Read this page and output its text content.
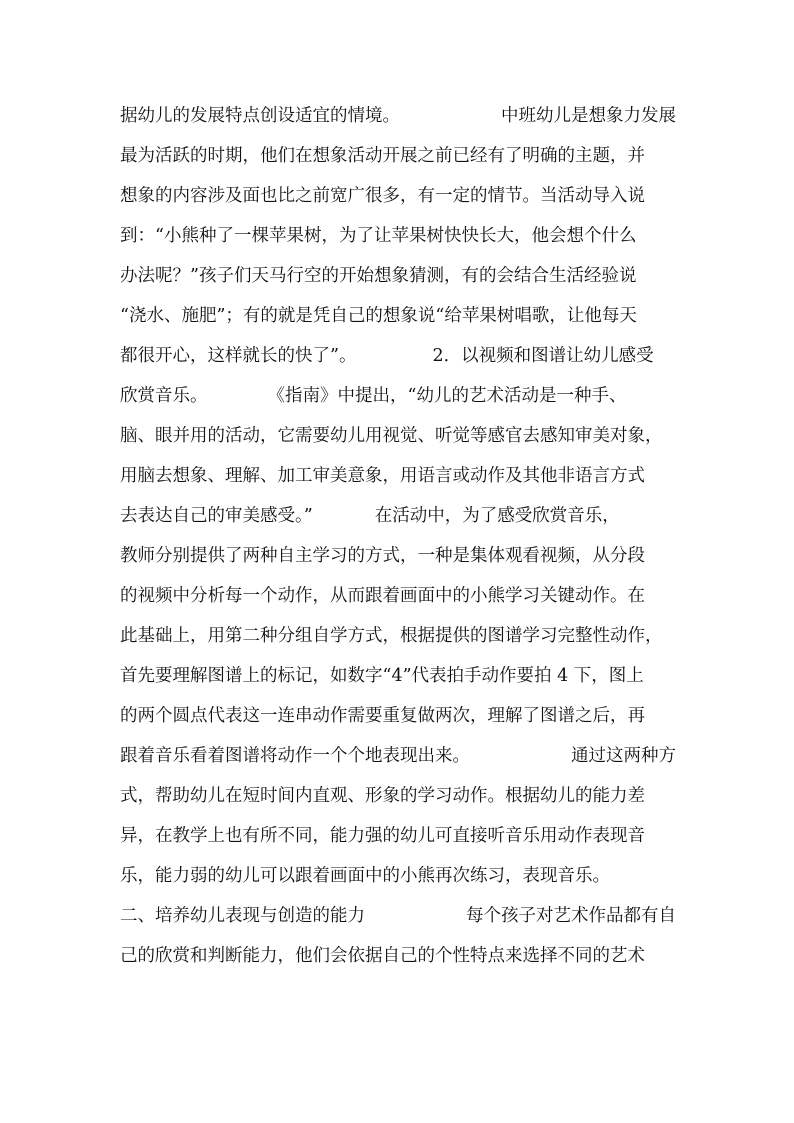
据幼儿的发展特点创设适宜的情境。	中班幼儿是想象力发展
最为活跃的时期，他们在想象活动开展之前已经有了明确的主题，并
想象的内容涉及面也比之前宽广很多，有一定的情节。当活动导入说
到：“小熊种了一棵苹果树，为了让苹果树快快长大，他会想个什么
办法呢？”孩子们天马行空的开始想象猜测，有的会结合生活经验说
“浇水、施肥”；有的就是凭自己的想象说“给苹果树唱歌，让他每天
都很开心，这样就长的快了”。	2．以视频和图谱让幼儿感受
欣赏音乐。	《指南》中提出，“幼儿的艺术活动是一种手、
脑、眼并用的活动，它需要幼儿用视觉、听觉等感官去感知审美对象，
用脑去想象、理解、加工审美意象，用语言或动作及其他非语言方式
去表达自己的审美感受。”	在活动中，为了感受欣赏音乐，
教师分别提供了两种自主学习的方式，一种是集体观看视频，从分段
的视频中分析每一个动作，从而跟着画面中的小熊学习关键动作。在
此基础上，用第二种分组自学方式，根据提供的图谱学习完整性动作，
首先要理解图谱上的标记，如数字“4”代表拍手动作要拍 4 下，图上
的两个圆点代表这一连串动作需要重复做两次，理解了图谱之后，再
跟着音乐看着图谱将动作一个个地表现出来。	通过这两种方
式，帮助幼儿在短时间内直观、形象的学习动作。根据幼儿的能力差
异，在教学上也有所不同，能力强的幼儿可直接听音乐用动作表现音
乐，能力弱的幼儿可以跟着画面中的小熊再次练习，表现音乐。
二、培养幼儿表现与创造的能力	每个孩子对艺术作品都有自
己的欣赏和判断能力，他们会依据自己的个性特点来选择不同的艺术
